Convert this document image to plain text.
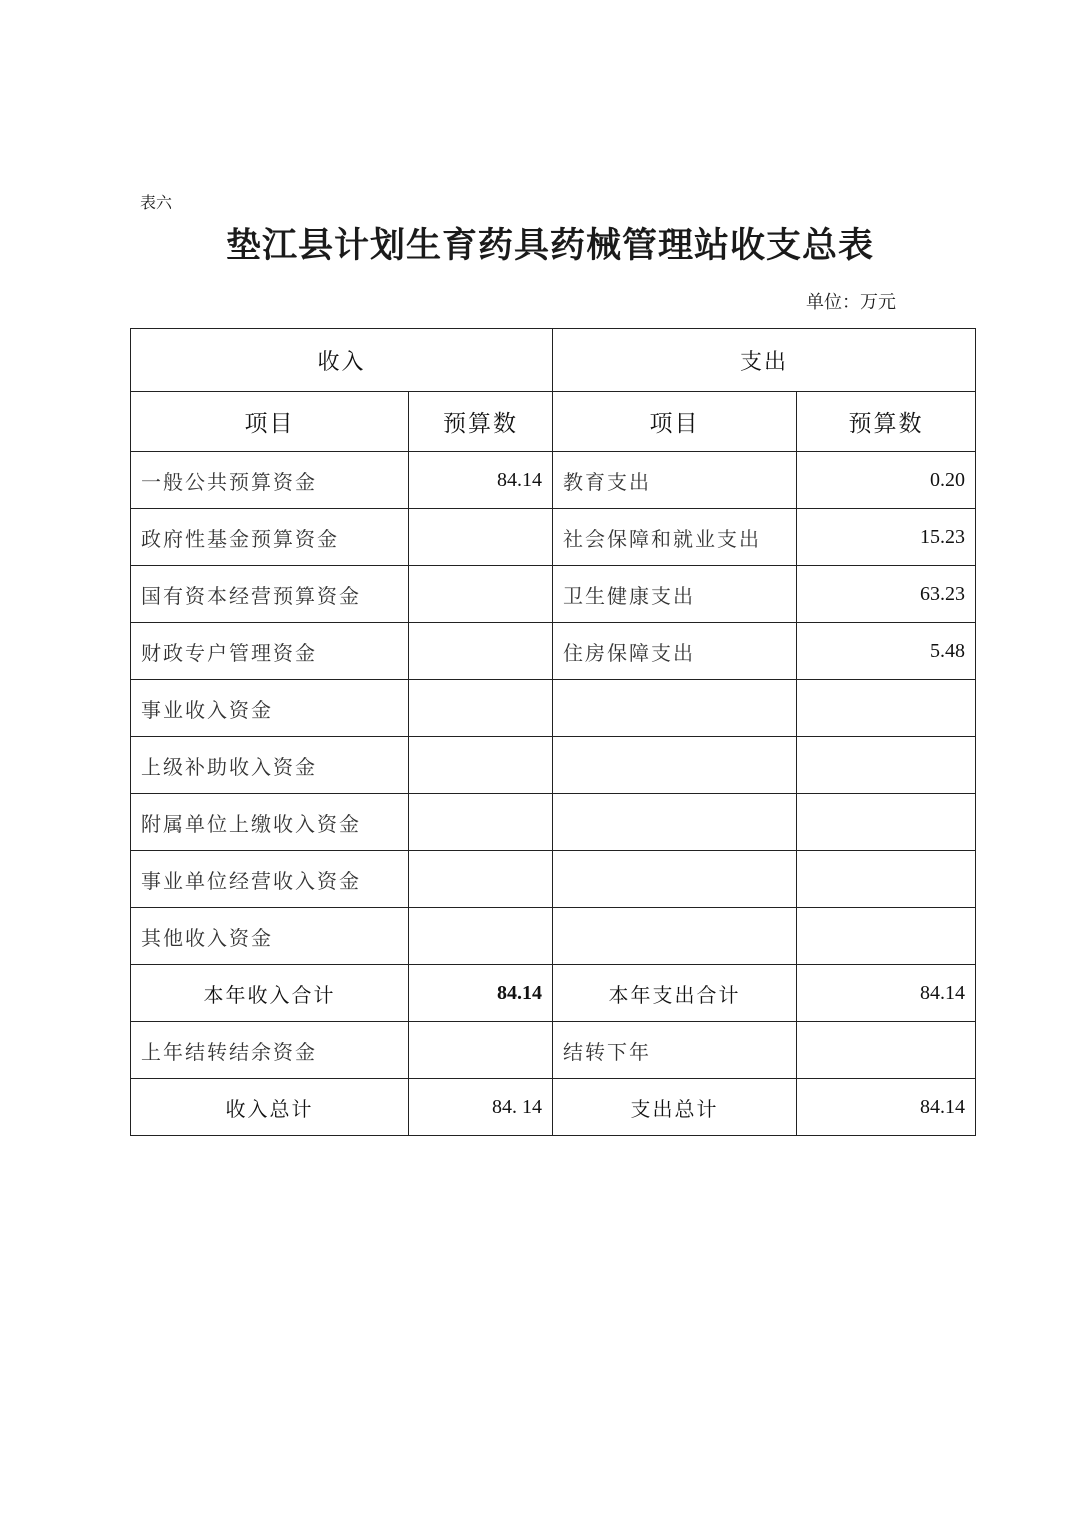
表六
垫江县计划生育药具药械管理站收支总表
单位：万元
收入		支出	
项目	预算数	项目	预算数
一般公共预算资金	84.14	教育支出	0.20
政府性基金预算资金		社会保障和就业支出	15.23
国有资本经营预算资金		卫生健康支出	63.23
财政专户管理资金		住房保障支出	5.48
事业收入资金			
上级补助收入资金			
附属单位上缴收入资金			
事业单位经营收入资金			
其他收入资金			
本年收入合计	84.14	本年支出合计	84.14
上年结转结余资金		结转下年	
收入总计	84. 14	支出总计	84.14
